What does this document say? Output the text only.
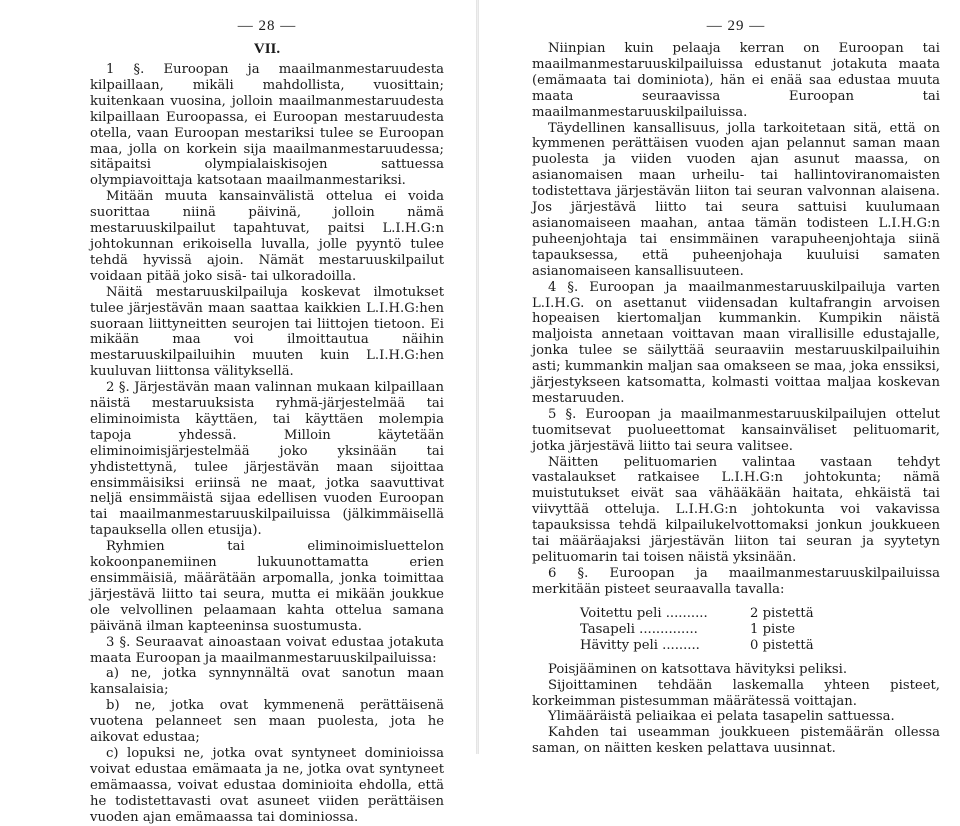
— 28 —
VII.

1 §. Euroopan ja maailmanmestaruudesta kilpaillaan, mikäli mahdollista, vuosittain; kuitenkaan vuosina, jolloin maailmanmestaruudesta kilpaillaan Euroopassa, ei Euroopan mestaruudesta otella, vaan Euroopan mestariksi tulee se Euroopan maa, jolla on korkein sija maailmanmestaruudessa; sitäpaitsi olympialaiskisojen sattuessa olympiavoittaja katsotaan maailmanmestariksi.

Mitään muuta kansainvälistä ottelua ei voida suorittaa niinä päivinä, jolloin nämä mestaruuskilpailut tapahtuvat, paitsi L.I.H.G:n johtokunnan erikoisella luvalla, jolle pyyntö tulee tehdä hyvissä ajoin. Nämät mestaruuskilpailut voidaan pitää joko sisä- tai ulkoradoilla.

Näitä mestaruuskilpailuja koskevat ilmotukset tulee järjestävän maan saattaa kaikkien L.I.H.G:hen suoraan liittyneitten seurojen tai liittojen tietoon. Ei mikään maa voi ilmoittautua näihin mestaruuskilpailuihin muuten kuin L.I.H.G:hen kuuluvan liittonsa välityksellä.

2 §. Järjestävän maan valinnan mukaan kilpaillaan näistä mestaruuksista ryhmä-järjestelmää tai eliminoimista käyttäen, tai käyttäen molempia tapoja yhdessä. Milloin käytetään eliminoimisjärjestelmää joko yksinään tai yhdistettynä, tulee järjestävän maan sijoittaa ensimmäisiksi eriinsä ne maat, jotka saavuttivat neljä ensimmäistä sijaa edellisen vuoden Euroopan tai maailmanmestaruuskilpailuissa (jälkimmäisellä tapauksella ollen etusija).

Ryhmien tai eliminoimisluettelon kokoonpanemiinen lukuunottamatta erien ensimmäisiä, määrätään arpomalla, jonka toimittaa järjestävä liitto tai seura, mutta ei mikään joukkue ole velvollinen pelaamaan kahta ottelua samana päivänä ilman kapteeninsa suostumusta.

3 §. Seuraavat ainoastaan voivat edustaa jotakuta maata Euroopan ja maailmanmestaruuskilpailuissa:

a) ne, jotka synnynnältä ovat sanotun maan kansalaisia;

b) ne, jotka ovat kymmenenä perättäisenä vuotena pelanneet sen maan puolesta, jota he aikovat edustaa;

c) lopuksi ne, jotka ovat syntyneet dominioissa voivat edustaa emämaata ja ne, jotka ovat syntyneet emämaassa, voivat edustaa dominioita ehdolla, että he todistettavasti ovat asuneet viiden perättäisen vuoden ajan emämaassa tai dominiossa.

— 29 —

Niinpian kuin pelaaja kerran on Euroopan tai maailmanmestaruuskilpailuissa edustanut jotakuta maata (emämaata tai dominiota), hän ei enää saa edustaa muuta maata seuraavissa Euroopan tai maailmanmestaruuskilpailuissa.

Täydellinen kansallisuus, jolla tarkoitetaan sitä, että on kymmenen perättäisen vuoden ajan pelannut saman maan puolesta ja viiden vuoden ajan asunut maassa, on asianomaisen maan urheilu- tai hallintoviranomaisten todistettava järjestävän liiton tai seuran valvonnan alaisena. Jos järjestävä liitto tai seura sattuisi kuulumaan asianomaiseen maahan, antaa tämän todisteen L.I.H.G:n puheenjohtaja tai ensimmäinen varapuheenjohtaja siinä tapauksessa, että puheenjohaja kuuluisi samaten asianomaiseen kansallisuuteen.

4 §. Euroopan ja maailmanmestaruuskilpailuja varten L.I.H.G. on asettanut viidensadan kultafrangin arvoisen hopeaisen kiertomaljan kummankin. Kumpikin näistä maljoista annetaan voittavan maan virallisille edustajalle, jonka tulee se säilyttää seuraaviin mestaruuskilpailuihin asti; kummankin maljan saa omakseen se maa, joka enssiksi, järjestykseen katsomatta, kolmasti voittaa maljaa koskevan mestaruuden.

5 §. Euroopan ja maailmanmestaruuskilpailujen ottelut tuomitsevat puolueettomat kansainväliset pelituomarit, jotka järjestävä liitto tai seura valitsee.

Näitten pelituomarien valintaa vastaan tehdyt vastalaukset ratkaisee L.I.H.G:n johtokunta; nämä muistutukset eivät saa vähääkään haitata, ehkäistä tai viivyttää otteluja. L.I.H.G:n johtokunta voi vakavissa tapauksissa tehdä kilpailukelvottomaksi jonkun joukkueen tai määräajaksi järjestävän liiton tai seuran ja syytetyn pelituomarin tai toisen näistä yksinään.

6 §. Euroopan ja maailmanmestaruuskilpailuissa merkitään pisteet seuraavalla tavalla:

Voitettu peli ..........	2 pistettä
Tasapeli ..............	1 piste
Hävitty peli .........	0 pistettä

Poisjääminen on katsottava hävityksi peliksi.

Sijoittaminen tehdään laskemalla yhteen pisteet, korkeimman pistesumman määrätessä voittajan.

Ylimääräistä peliaikaa ei pelata tasapelin sattuessa.

Kahden tai useamman joukkueen pistemäärän ollessa saman, on näitten kesken pelattava uusinnat.
